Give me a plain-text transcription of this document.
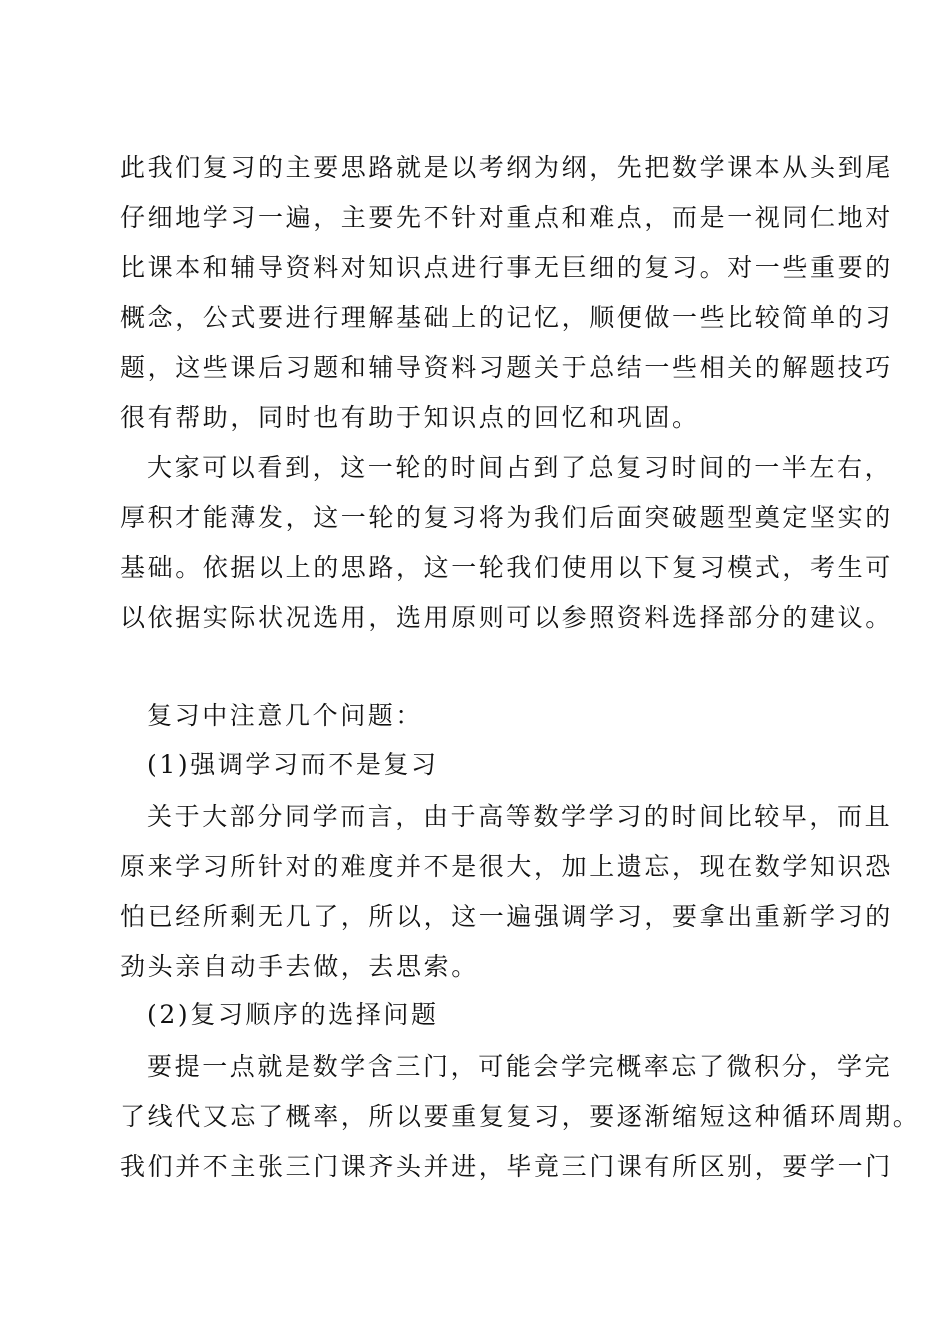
此我们复习的主要思路就是以考纲为纲，先把数学课本从头到尾
仔细地学习一遍，主要先不针对重点和难点，而是一视同仁地对
比课本和辅导资料对知识点进行事无巨细的复习。对一些重要的
概念，公式要进行理解基础上的记忆，顺便做一些比较简单的习
题，这些课后习题和辅导资料习题关于总结一些相关的解题技巧
很有帮助，同时也有助于知识点的回忆和巩固。
大家可以看到，这一轮的时间占到了总复习时间的一半左右，
厚积才能薄发，这一轮的复习将为我们后面突破题型奠定坚实的
基础。依据以上的思路，这一轮我们使用以下复习模式，考生可
以依据实际状况选用，选用原则可以参照资料选择部分的建议。
复习中注意几个问题：
(1)强调学习而不是复习
关于大部分同学而言，由于高等数学学习的时间比较早，而且
原来学习所针对的难度并不是很大，加上遗忘，现在数学知识恐
怕已经所剩无几了，所以，这一遍强调学习，要拿出重新学习的
劲头亲自动手去做，去思索。
(2)复习顺序的选择问题
要提一点就是数学含三门，可能会学完概率忘了微积分，学完
了线代又忘了概率，所以要重复复习，要逐渐缩短这种循环周期。
我们并不主张三门课齐头并进，毕竟三门课有所区别，要学一门
